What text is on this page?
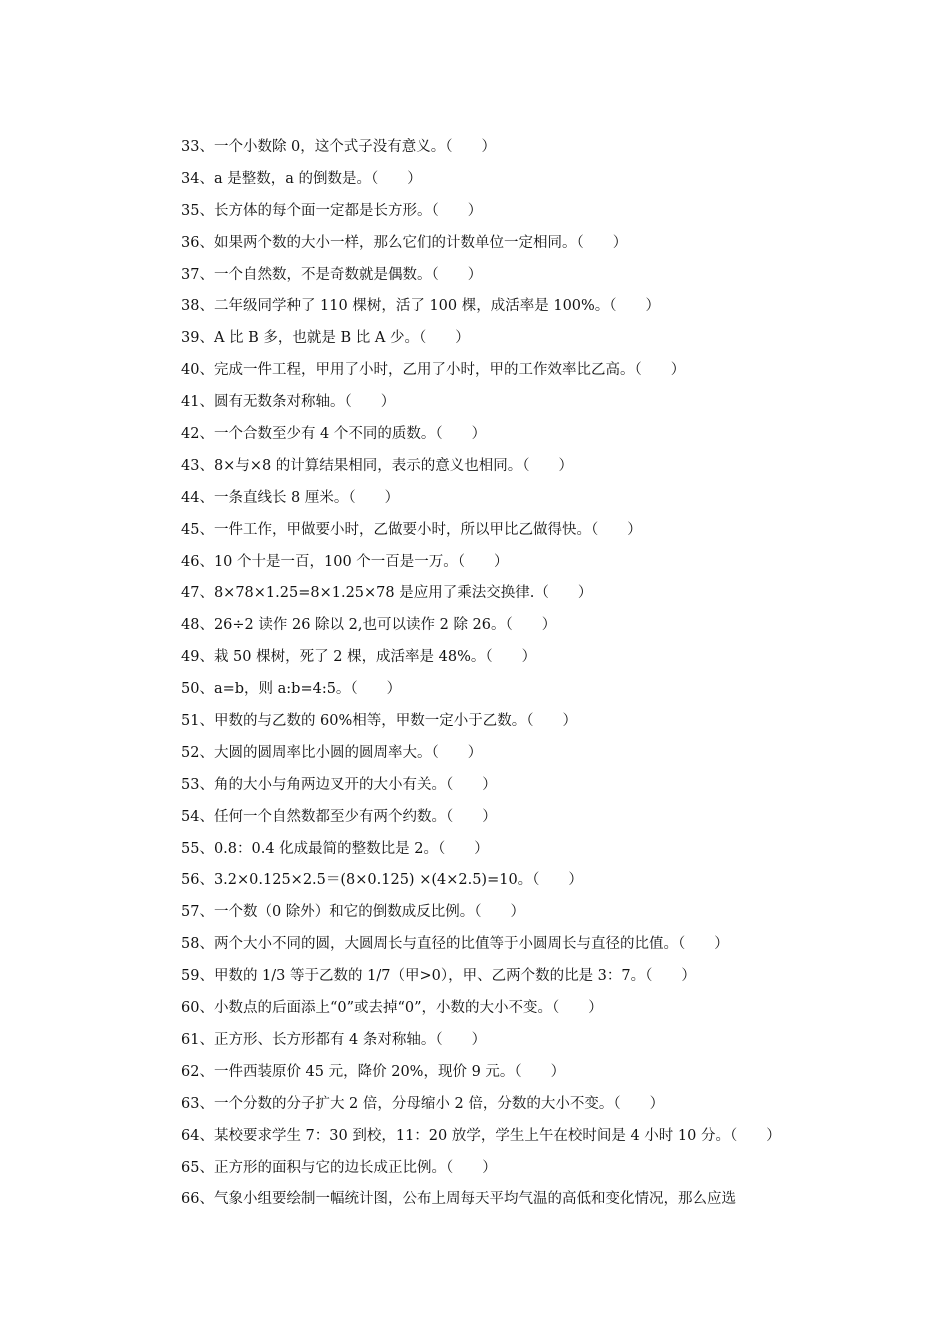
33、一个小数除 0，这个式子没有意义。（　　）
34、a 是整数，a 的倒数是。（　　）
35、长方体的每个面一定都是长方形。（　　）
36、如果两个数的大小一样，那么它们的计数单位一定相同。（　　）
37、一个自然数，不是奇数就是偶数。（　　）
38、二年级同学种了 110 棵树，活了 100 棵，成活率是 100%。（　　）
39、A 比 B 多，也就是 B 比 A 少。（　　）
40、完成一件工程，甲用了小时，乙用了小时，甲的工作效率比乙高。（　　）
41、圆有无数条对称轴。（　　）
42、一个合数至少有 4 个不同的质数。（　　）
43、8×与×8 的计算结果相同，表示的意义也相同。（　　）
44、一条直线长 8 厘米。（　　）
45、一件工作，甲做要小时，乙做要小时，所以甲比乙做得快。（　　）
46、10 个十是一百，100 个一百是一万。（　　）
47、8×78×1.25=8×1.25×78 是应用了乘法交换律.（　　）
48、26÷2 读作 26 除以 2,也可以读作 2 除 26。（　　）
49、栽 50 棵树，死了 2 棵，成活率是 48%。（　　）
50、a=b，则 a:b=4:5。（　　）
51、甲数的与乙数的 60%相等，甲数一定小于乙数。（　　）
52、大圆的圆周率比小圆的圆周率大。（　　）
53、角的大小与角两边叉开的大小有关。（　　）
54、任何一个自然数都至少有两个约数。（　　）
55、0.8：0.4 化成最简的整数比是 2。（　　）
56、3.2×0.125×2.5＝(8×0.125) ×(4×2.5)=10。（　　）
57、一个数（0 除外）和它的倒数成反比例。（　　）
58、两个大小不同的圆，大圆周长与直径的比值等于小圆周长与直径的比值。（　　）
59、甲数的 1/3 等于乙数的 1/7（甲>0），甲、乙两个数的比是 3：7。（　　）
60、小数点的后面添上“0”或去掉“0”，小数的大小不变。（　　）
61、正方形、长方形都有 4 条对称轴。（　　）
62、一件西装原价 45 元，降价 20%，现价 9 元。（　　）
63、一个分数的分子扩大 2 倍，分母缩小 2 倍，分数的大小不变。（　　）
64、某校要求学生 7：30 到校，11：20 放学，学生上午在校时间是 4 小时 10 分。（　　）
65、正方形的面积与它的边长成正比例。（　　）
66、气象小组要绘制一幅统计图，公布上周每天平均气温的高低和变化情况，那么应选
